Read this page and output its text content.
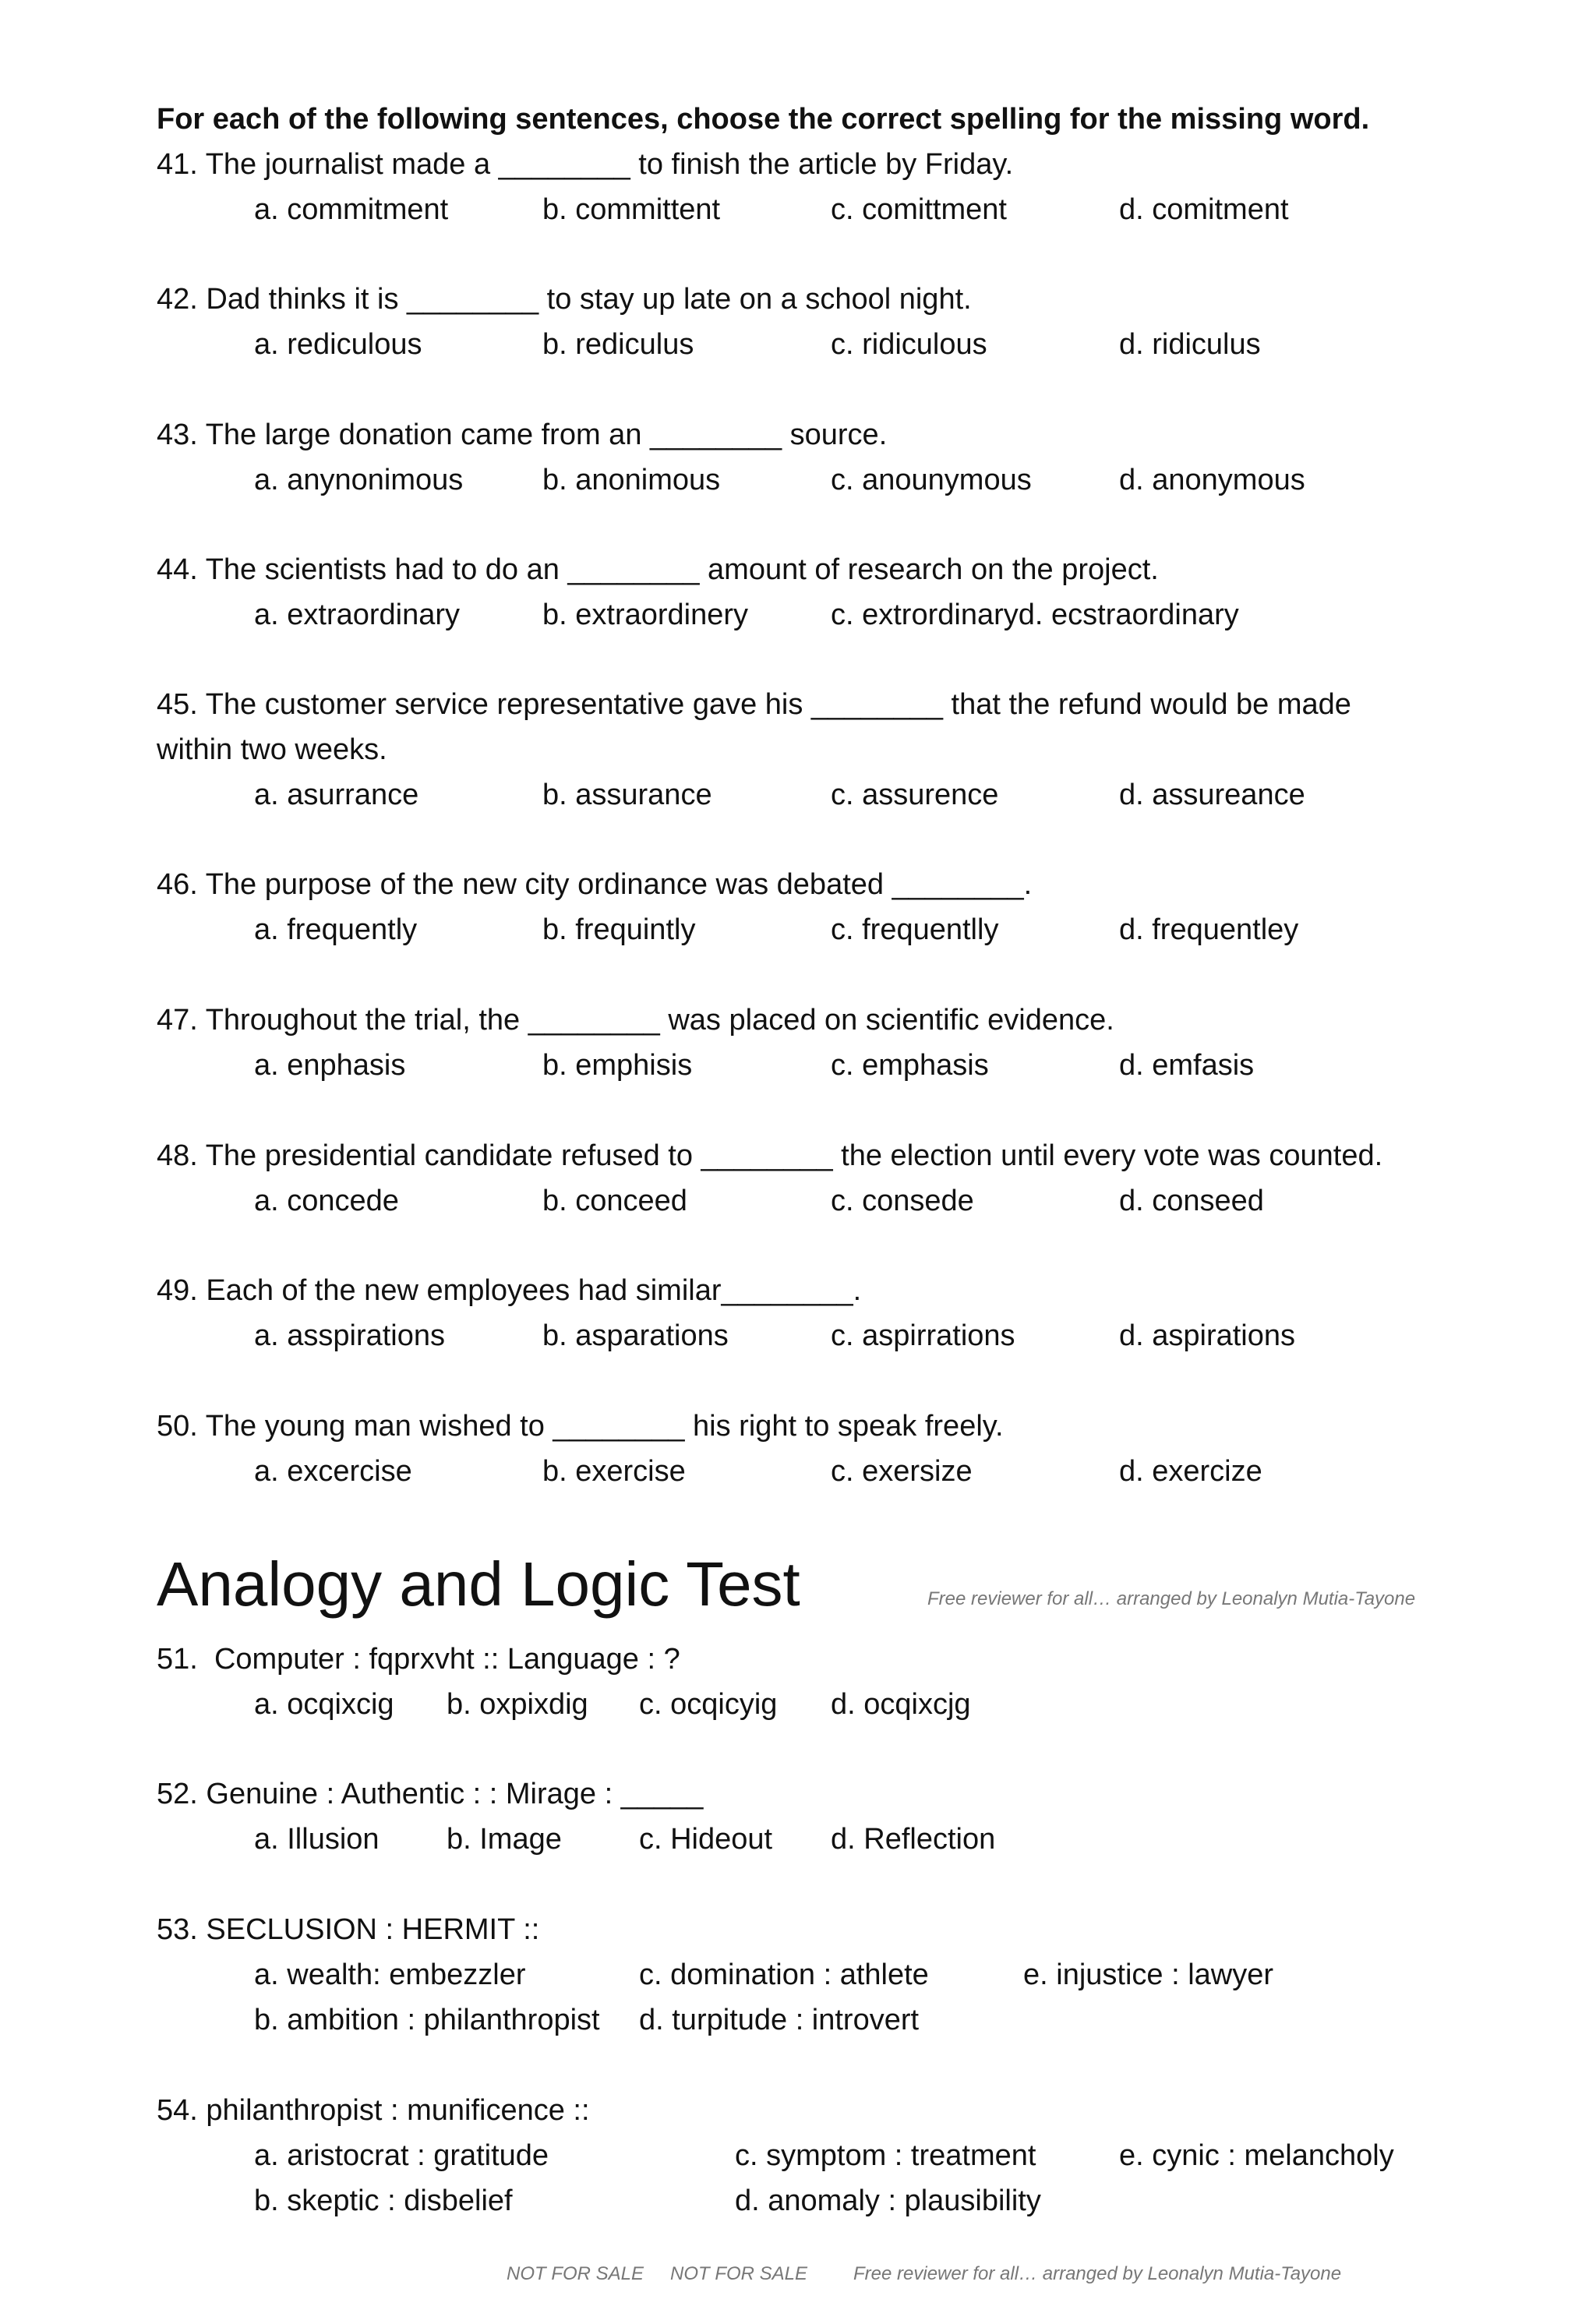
For each of the following sentences, choose the correct spelling for the missing word.
41. The journalist made a ________ to finish the article by Friday.
a. commitment	b. committent	c. comittment	d. comitment
42. Dad thinks it is ________ to stay up late on a school night.
a. rediculous	b. rediculus	c. ridiculous	d. ridiculus
43. The large donation came from an ________ source.
a. anynonimous	b. anonimous	c. anounymous	d. anonymous
44. The scientists had to do an ________ amount of research on the project.
a. extraordinary	b. extraordinery	c. extrordinaryd. ecstraordinary
45. The customer service representative gave his ________ that the refund would be made
within two weeks.
a. asurrance	b. assurance	c. assurence	d. assureance
46. The purpose of the new city ordinance was debated ________.
a. frequently	b. frequintly	c. frequentlly	d. frequentley
47. Throughout the trial, the ________ was placed on scientific evidence.
a. enphasis	b. emphisis	c. emphasis	d. emfasis
48. The presidential candidate refused to ________ the election until every vote was counted.
a. concede	b. conceed	c. consede	d. conseed
49. Each of the new employees had similar________.
a. asspirations	b. asparations	c. aspirrations	d. aspirations
50. The young man wished to ________ his right to speak freely.
a. excercise	b. exercise	c. exersize	d. exercize
Analogy and Logic Test	Free reviewer for all… arranged by Leonalyn Mutia-Tayone
51.  Computer : fqprxvht :: Language : ?
a. ocqixcig b. oxpixdig c. ocqicyig d. ocqixcjg
52. Genuine : Authentic : : Mirage : _____
a. Illusion b. Image	c. Hideout d. Reflection
53. SECLUSION : HERMIT ::
a. wealth: embezzler	c. domination : athlete	e. injustice : lawyer
b. ambition : philanthropist d. turpitude : introvert
54. philanthropist : munificence ::
a. aristocrat : gratitude	c. symptom : treatment	e. cynic : melancholy
b. skeptic : disbelief	d. anomaly : plausibility
NOT FOR SALE NOT FOR SALE Free reviewer for all… arranged by Leonalyn Mutia-Tayone
